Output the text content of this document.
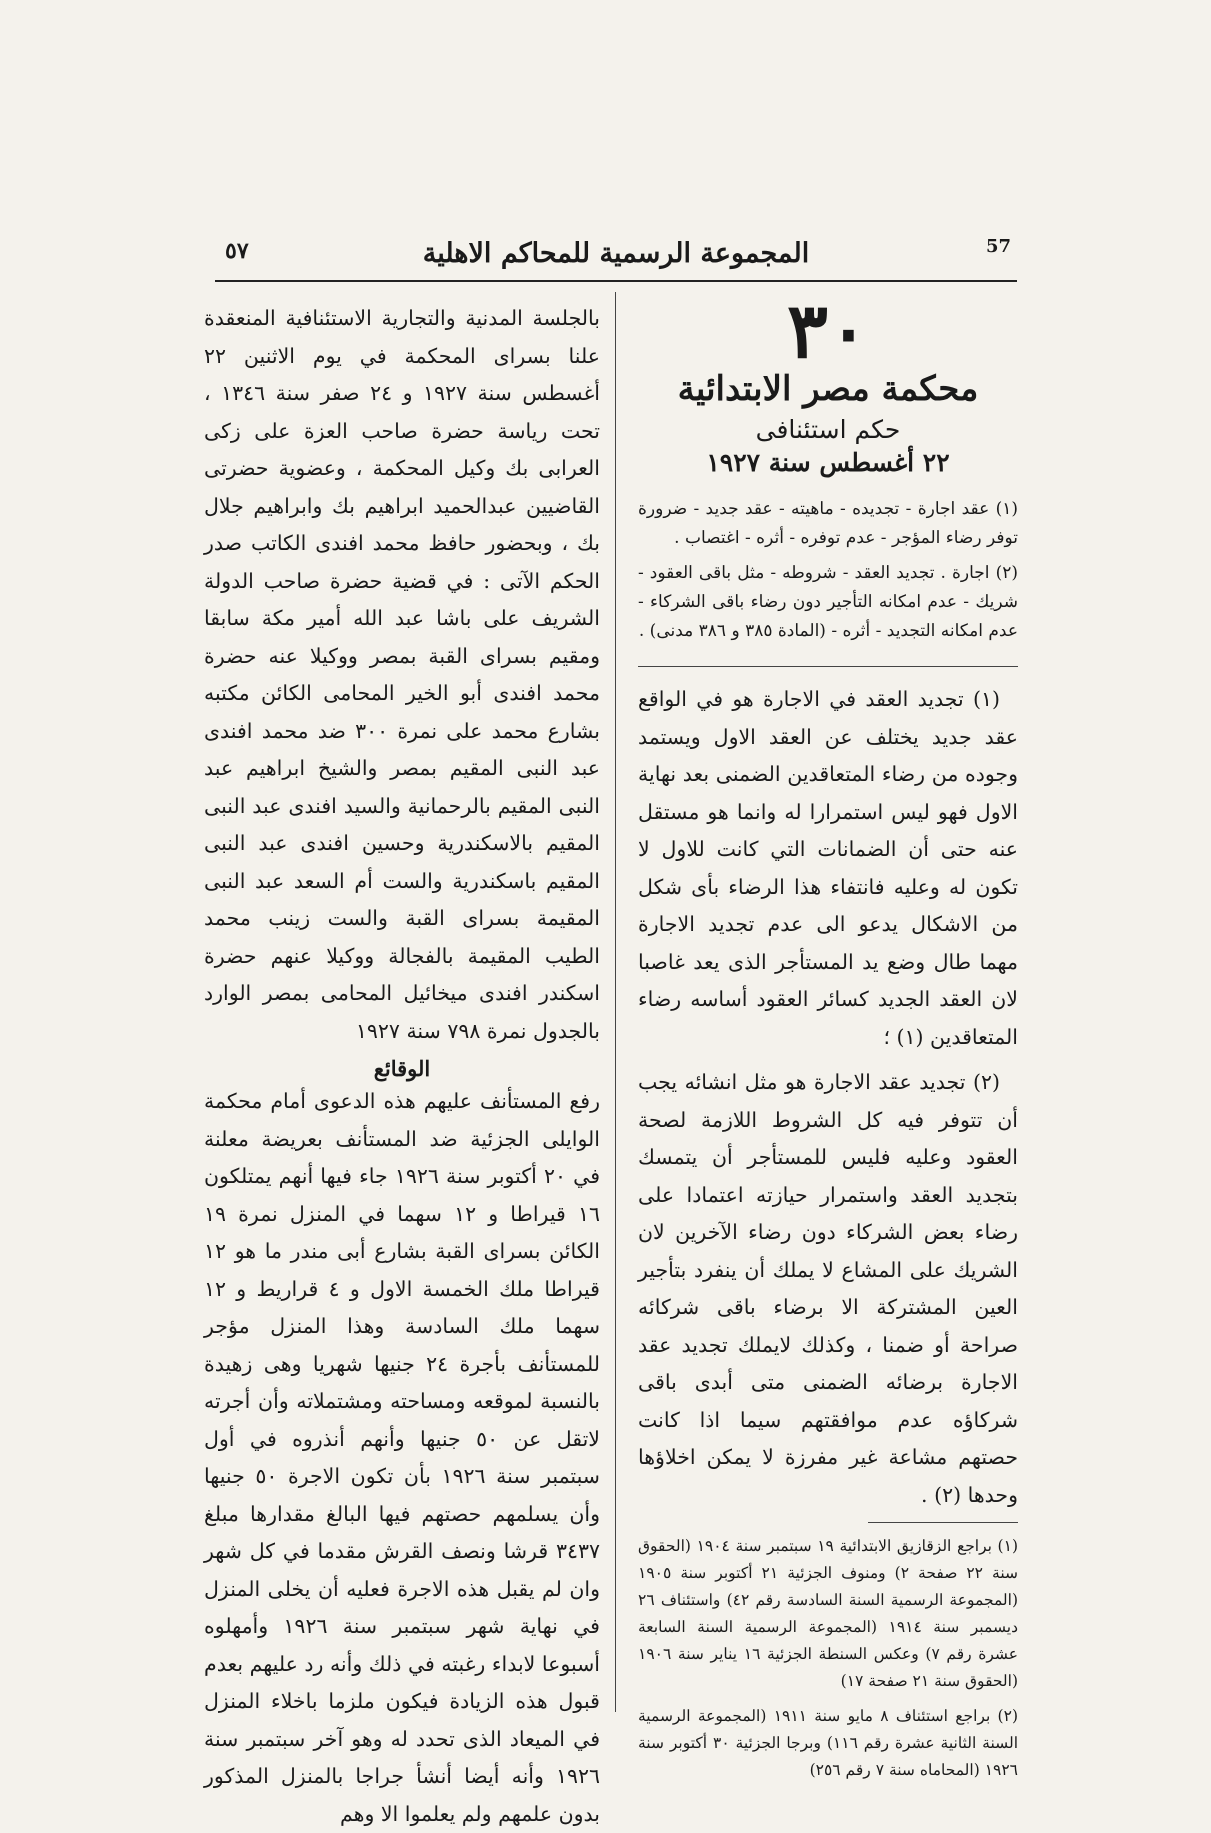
٥٧	المجموعة الرسمية للمحاكم الاهلية	57
٣٠
محكمة مصر الابتدائية
حكم استئنافى
٢٢ أغسطس سنة ١٩٢٧

(١) عقد اجارة - تجديده - ماهيته - عقد جديد - ضرورة توفر رضاء المؤجر - عدم توفره - أثره - اغتصاب .

(٢) اجارة . تجديد العقد - شروطه - مثل باقى العقود - شريك - عدم امكانه التأجير دون رضاء باقى الشركاء - عدم امكانه التجديد - أثره - (المادة ٣٨٥ و ٣٨٦ مدنى) .

(١) تجديد العقد في الاجارة هو في الواقع عقد جديد يختلف عن العقد الاول ويستمد وجوده من رضاء المتعاقدين الضمنى بعد نهاية الاول فهو ليس استمرارا له وانما هو مستقل عنه حتى أن الضمانات التي كانت للاول لا تكون له وعليه فانتفاء هذا الرضاء بأى شكل من الاشكال يدعو الى عدم تجديد الاجارة مهما طال وضع يد المستأجر الذى يعد غاصبا لان العقد الجديد كسائر العقود أساسه رضاء المتعاقدين (١) ؛

(٢) تجديد عقد الاجارة هو مثل انشائه يجب أن تتوفر فيه كل الشروط اللازمة لصحة العقود وعليه فليس للمستأجر أن يتمسك بتجديد العقد واستمرار حيازته اعتمادا على رضاء بعض الشركاء دون رضاء الآخرين لان الشريك على المشاع لا يملك أن ينفرد بتأجير العين المشتركة الا برضاء باقى شركائه صراحة أو ضمنا ، وكذلك لايملك تجديد عقد الاجارة برضائه الضمنى متى أبدى باقى شركاؤه عدم موافقتهم سيما اذا كانت حصتهم مشاعة غير مفرزة لا يمكن اخلاؤها وحدها (٢) .

(١) براجع الزقازيق الابتدائية ١٩ سبتمبر سنة ١٩٠٤ (الحقوق سنة ٢٢ صفحة ٢) ومنوف الجزئية ٢١ أكتوبر سنة ١٩٠٥ (المجموعة الرسمية السنة السادسة رقم ٤٢) واستئناف ٢٦ ديسمبر سنة ١٩١٤ (المجموعة الرسمية السنة السابعة عشرة رقم ٧) وعكس السنطة الجزئية ١٦ يناير سنة ١٩٠٦ (الحقوق سنة ٢١ صفحة ١٧)

(٢) براجع استئناف ٨ مايو سنة ١٩١١ (المجموعة الرسمية السنة الثانية عشرة رقم ١١٦) وبرجا الجزئية ٣٠ أكتوبر سنة ١٩٢٦ (المحاماه سنة ٧ رقم ٢٥٦)

بالجلسة المدنية والتجارية الاستئنافية المنعقدة علنا بسراى المحكمة في يوم الاثنين ٢٢ أغسطس سنة ١٩٢٧ و ٢٤ صفر سنة ١٣٤٦ ، تحت رياسة حضرة صاحب العزة على زكى العرابى بك وكيل المحكمة ، وعضوية حضرتى القاضيين عبدالحميد ابراهيم بك وابراهيم جلال بك ، وبحضور حافظ محمد افندى الكاتب صدر الحكم الآتى : في قضية حضرة صاحب الدولة الشريف على باشا عبد الله أمير مكة سابقا ومقيم بسراى القبة بمصر ووكيلا عنه حضرة محمد افندى أبو الخير المحامى الكائن مكتبه بشارع محمد على نمرة ٣٠٠ ضد محمد افندى عبد النبى المقيم بمصر والشيخ ابراهيم عبد النبى المقيم بالرحمانية والسيد افندى عبد النبى المقيم بالاسكندرية وحسين افندى عبد النبى المقيم باسكندرية والست أم السعد عبد النبى المقيمة بسراى القبة والست زينب محمد الطيب المقيمة بالفجالة ووكيلا عنهم حضرة اسكندر افندى ميخائيل المحامى بمصر الوارد بالجدول نمرة ٧٩٨ سنة ١٩٢٧

الوقائع

رفع المستأنف عليهم هذه الدعوى أمام محكمة الوايلى الجزئية ضد المستأنف بعريضة معلنة في ٢٠ أكتوبر سنة ١٩٢٦ جاء فيها أنهم يمتلكون ١٦ قيراطا و ١٢ سهما في المنزل نمرة ١٩ الكائن بسراى القبة بشارع أبى مندر ما هو ١٢ قيراطا ملك الخمسة الاول و ٤ قراريط و ١٢ سهما ملك السادسة وهذا المنزل مؤجر للمستأنف بأجرة ٢٤ جنيها شهريا وهى زهيدة بالنسبة لموقعه ومساحته ومشتملاته وأن أجرته لاتقل عن ٥٠ جنيها وأنهم أنذروه في أول سبتمبر سنة ١٩٢٦ بأن تكون الاجرة ٥٠ جنيها وأن يسلمهم حصتهم فيها البالغ مقدارها مبلغ ٣٤٣٧ قرشا ونصف القرش مقدما في كل شهر وان لم يقبل هذه الاجرة فعليه أن يخلى المنزل في نهاية شهر سبتمبر سنة ١٩٢٦ وأمهلوه أسبوعا لابداء رغبته في ذلك وأنه رد عليهم بعدم قبول هذه الزيادة فيكون ملزما باخلاء المنزل في الميعاد الذى تحدد له وهو آخر سبتمبر سنة ١٩٢٦ وأنه أيضا أنشأ جراجا بالمنزل المذكور بدون علمهم ولم يعلموا الا وهم
